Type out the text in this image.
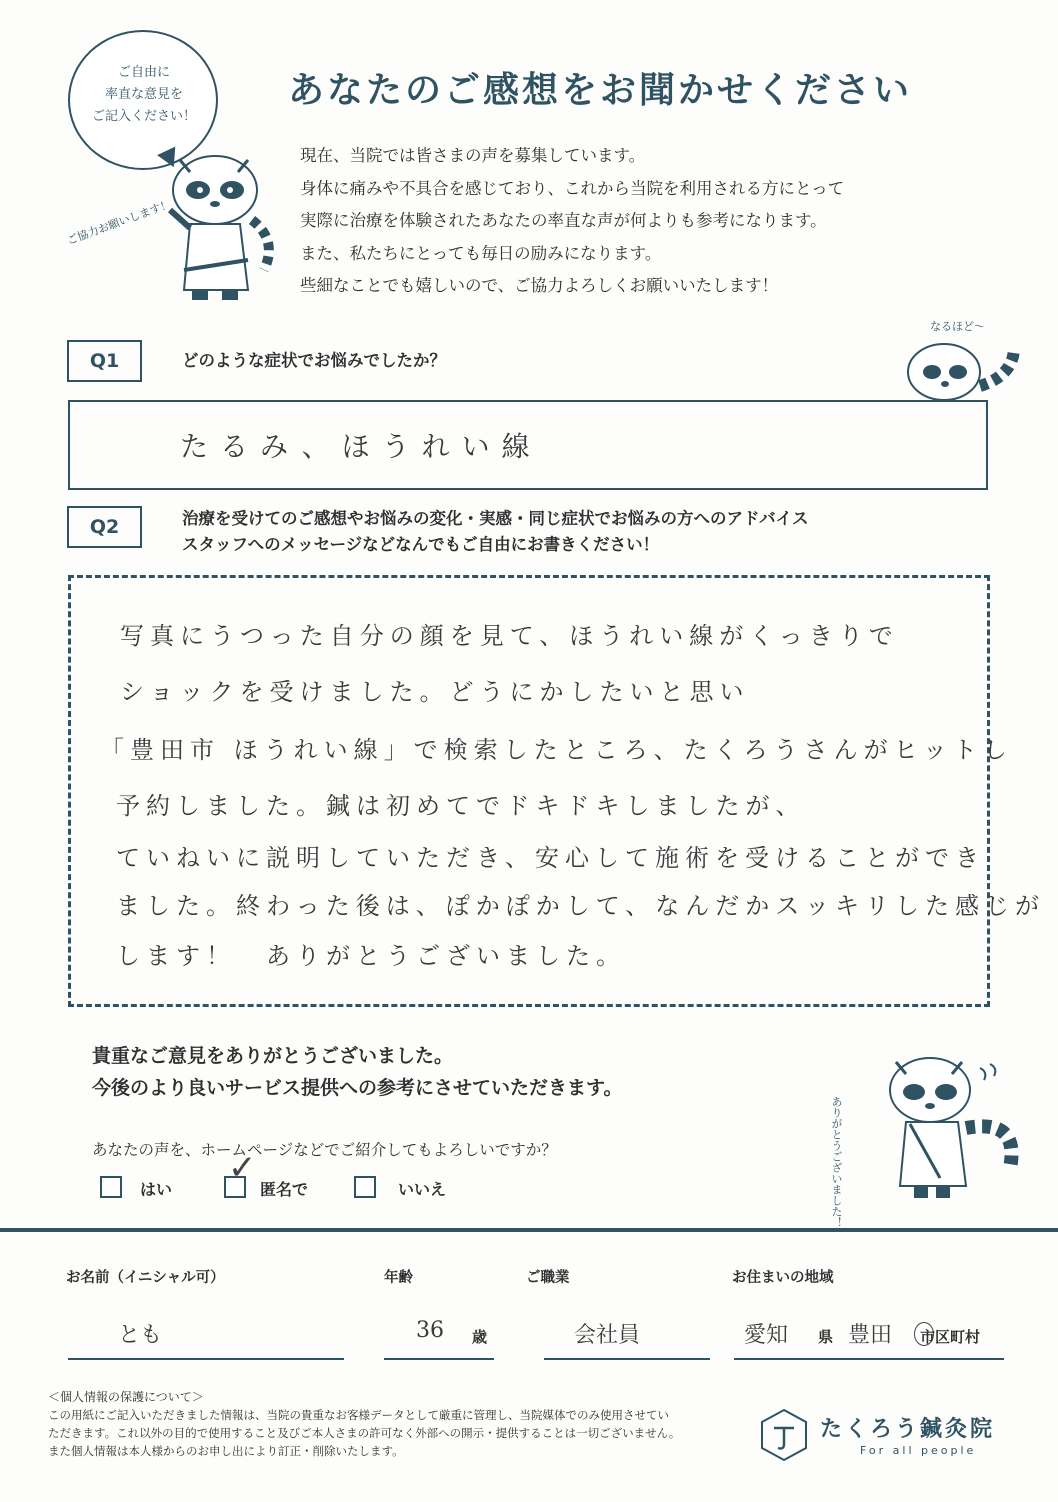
ご自由に
率直な意見を
ご記入ください！
ご協力お願いします！
あなたのご感想をお聞かせください
現在、当院では皆さまの声を募集しています。
身体に痛みや不具合を感じており、これから当院を利用される方にとって
実際に治療を体験されたあなたの率直な声が何よりも参考になります。
また、私たちにとっても毎日の励みになります。
些細なことでも嬉しいので、ご協力よろしくお願いいたします！
Q1	どのような症状でお悩みでしたか？
なるほど〜
たるみ、ほうれい線
Q2	治療を受けてのご感想やお悩みの変化・実感・同じ症状でお悩みの方へのアドバイス
スタッフへのメッセージなどなんでもご自由にお書きください！
写真にうつった自分の顔を見て、ほうれい線がくっきりで
ショックを受けました。どうにかしたいと思い
「豊田市 ほうれい線」で検索したところ、たくろうさんがヒットし
予約しました。鍼は初めてでドキドキしましたが、
ていねいに説明していただき、安心して施術を受けることができ
ました。終わった後は、ぽかぽかして、なんだかスッキリした感じが
します！　ありがとうございました。
貴重なご意見をありがとうございました。
今後のより良いサービス提供への参考にさせていただきます。
あなたの声を、ホームページなどでご紹介してもよろしいですか？
はい
✓
匿名で	いいえ	ありがとうございました！
お名前（イニシャル可）
とも
年齢
36 歳
ご職業
会社員
お住まいの地域
愛知 県 豊田 市区町村
＜個人情報の保護について＞
この用紙にご記入いただきました情報は、当院の貴重なお客様データとして厳重に管理し、当院媒体でのみ使用させてい
ただきます。これ以外の目的で使用すること及びご本人さまの許可なく外部への開示・提供することは一切ございません。
また個人情報は本人様からのお申し出により訂正・削除いたします。
たくろう鍼灸院
For all people
